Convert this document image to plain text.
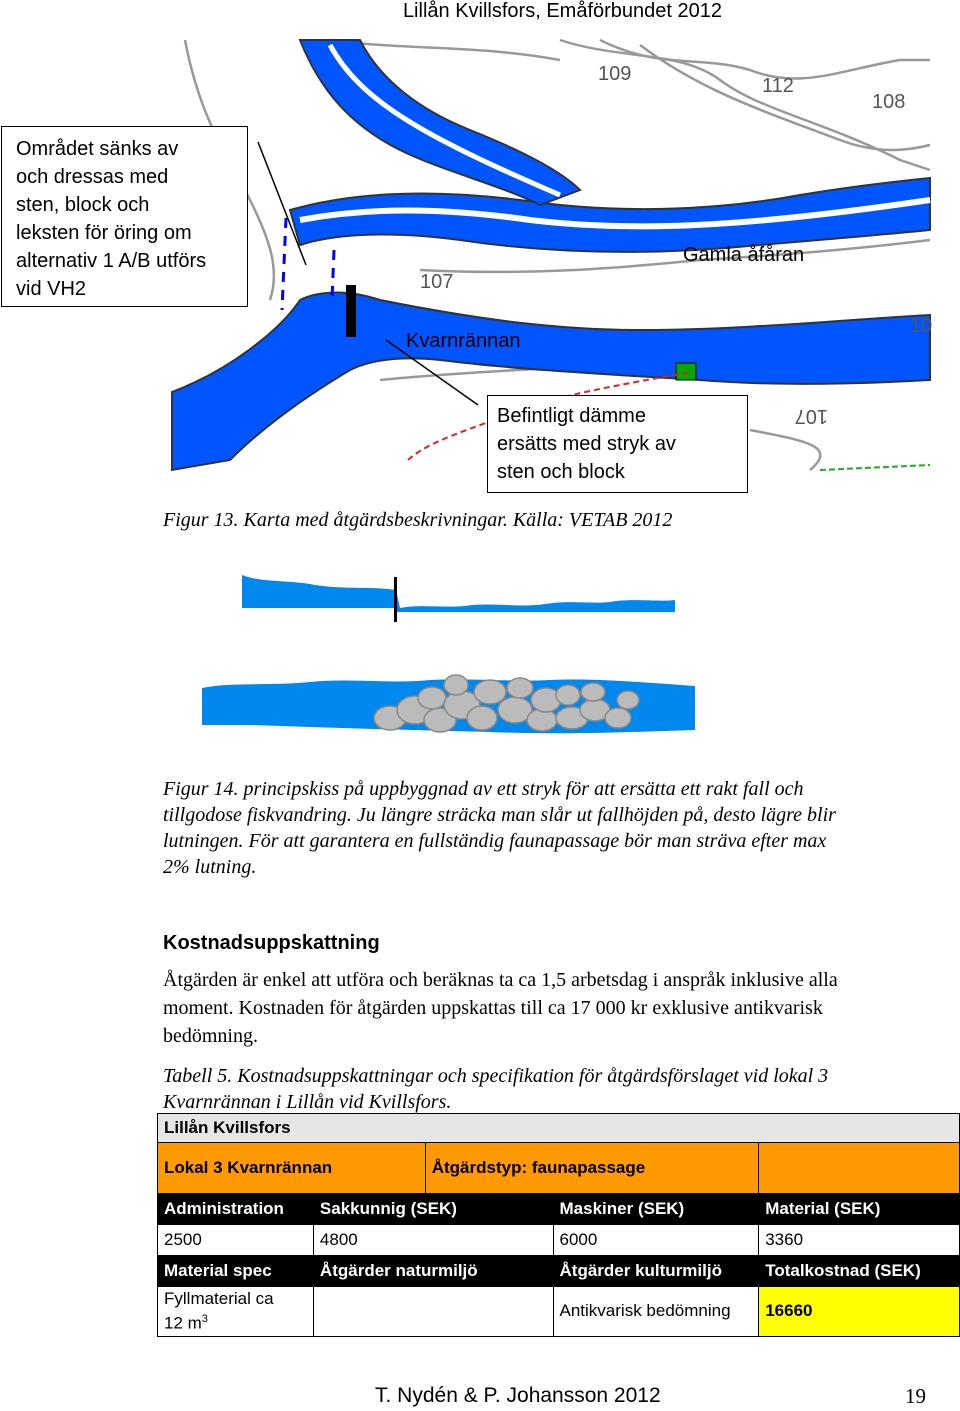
Lillån Kvillsfors, Emåförbundet 2012
109
112
108
107
10
107
Gamla åfåran
Kvarnrännan
Området sänks av
och dressas med
sten, block och
leksten för öring om
alternativ 1 A/B utförs
vid VH2
Befintligt dämme
ersätts med stryk av
sten och block
Figur 13. Karta med åtgärdsbeskrivningar. Källa: VETAB 2012
Figur 14. principskiss på uppbyggnad av ett stryk för att ersätta ett rakt fall och
tillgodose fiskvandring. Ju längre sträcka man slår ut fallhöjden på, desto lägre blir
lutningen. För att garantera en fullständig faunapassage bör man sträva efter max
2% lutning.
Kostnadsuppskattning
Åtgärden är enkel att utföra och beräknas ta ca 1,5 arbetsdag i anspråk inklusive alla
moment. Kostnaden för åtgärden uppskattas till ca 17 000 kr exklusive antikvarisk
bedömning.
Tabell 5. Kostnadsuppskattningar och specifikation för åtgärdsförslaget vid lokal 3
Kvarnrännan i Lillån vid Kvillsfors.
Lillån Kvillsfors				
Lokal 3 Kvarnrännan		Åtgärdstyp: faunapassage		
Administration	Sakkunnig (SEK)		Maskiner (SEK)	Material (SEK)
2500	4800		6000	3360
Material spec	Åtgärder naturmiljö		Åtgärder kulturmiljö	Totalkostnad (SEK)
Fyllmaterial ca
12 $m^3$			Antikvarisk bedömning	16660
T. Nydén & P. Johansson 2012	19
